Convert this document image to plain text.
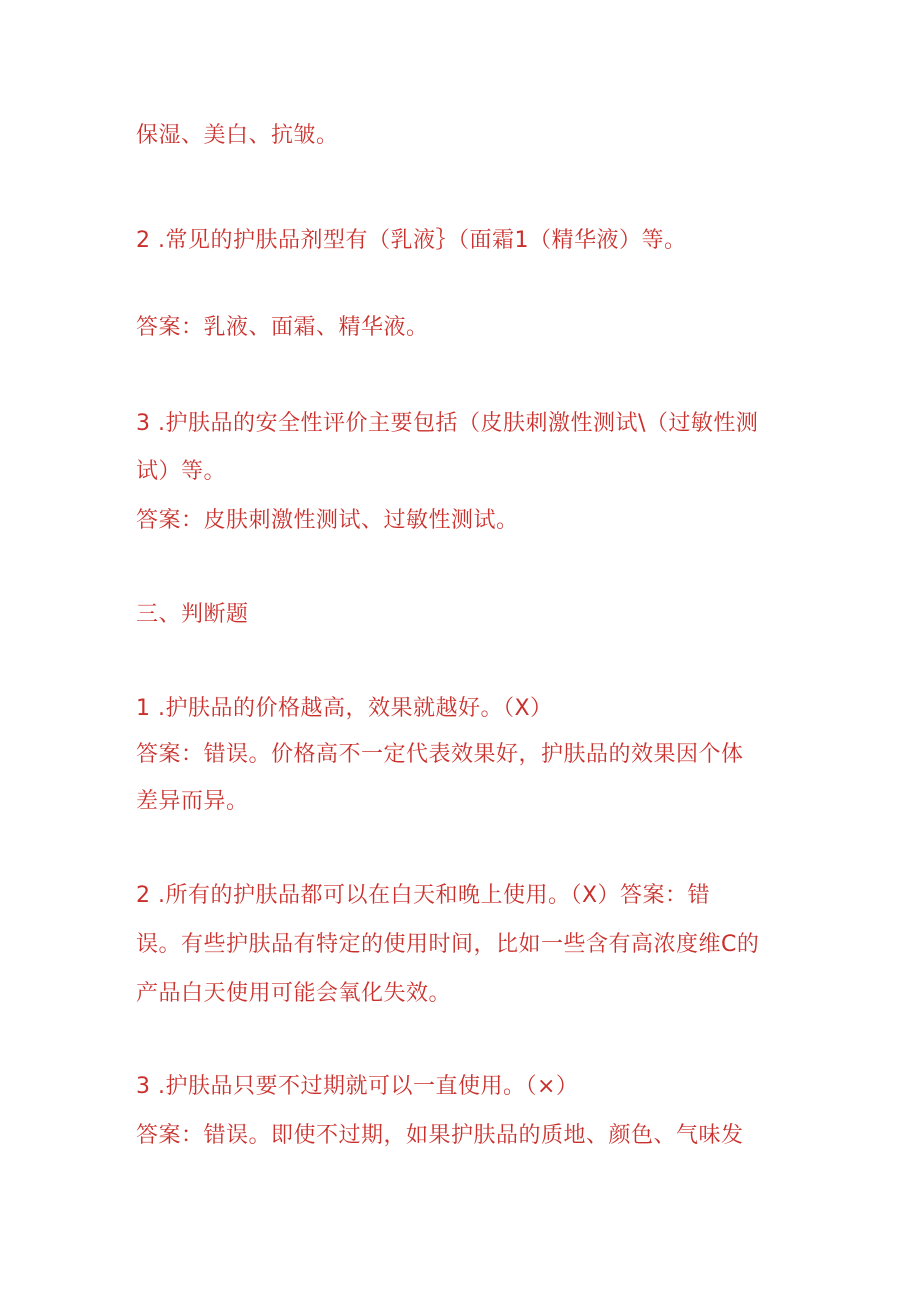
保湿、美白、抗皱。

2 .常见的护肤品剂型有（乳液｝（面霜1（精华液）等。

答案：乳液、面霜、精华液。

3 .护肤品的安全性评价主要包括（皮肤刺激性测试\（过敏性测

试）等。

答案：皮肤刺激性测试、过敏性测试。

三、判断题

1 .护肤品的价格越高，效果就越好。（X）

答案：错误。价格高不一定代表效果好，护肤品的效果因个体

差异而异。

2 .所有的护肤品都可以在白天和晚上使用。（X）答案：错

误。有些护肤品有特定的使用时间，比如一些含有高浓度维C的

产品白天使用可能会氧化失效。

3 .护肤品只要不过期就可以一直使用。（×）

答案：错误。即使不过期，如果护肤品的质地、颜色、气味发
